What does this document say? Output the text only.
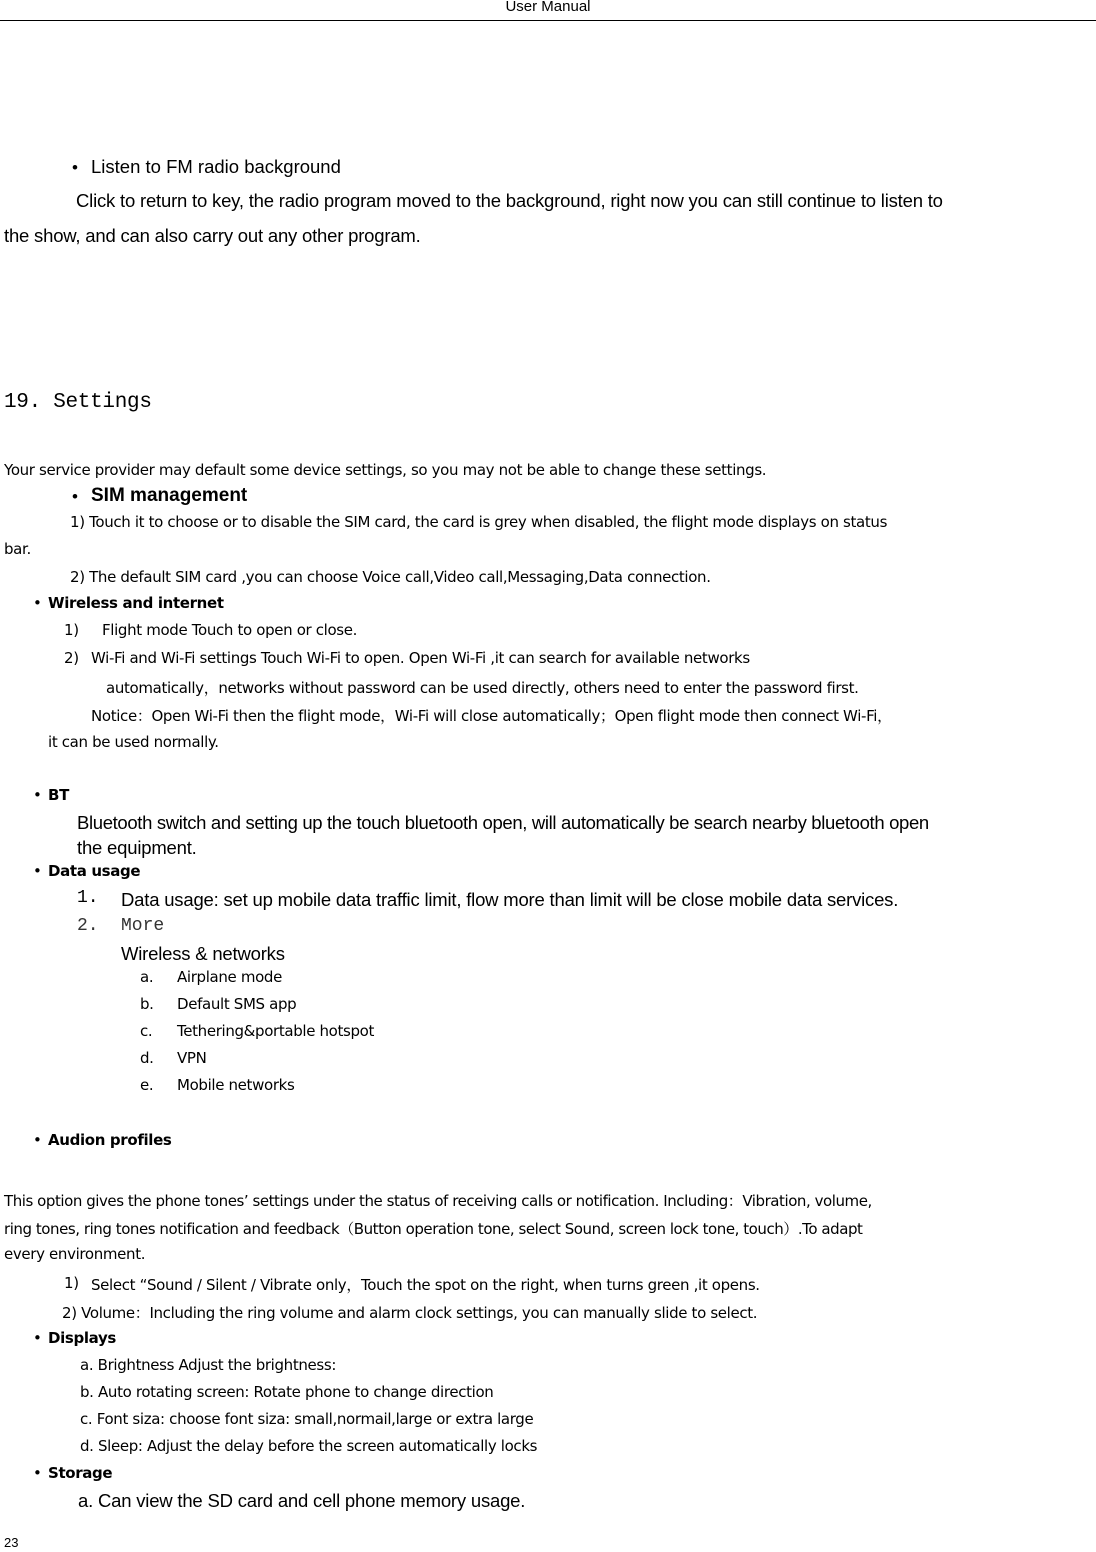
User Manual
• Listen to FM radio background
Click to return to key, the radio program moved to the background, right now you can still continue to listen to
the show, and can also carry out any other program.
19. Settings
Your service provider may default some device settings, so you may not be able to change these settings.
• SIM management
1) Touch it to choose or to disable the SIM card, the card is grey when disabled, the flight mode displays on status
bar.
2) The default SIM card ,you can choose Voice call,Video call,Messaging,Data connection.
• Wireless and internet
1) Flight mode Touch to open or close.
2) Wi-Fi and Wi-Fi settings Touch Wi-Fi to open. Open Wi-Fi ,it can search for available networks
automatically，networks without password can be used directly, others need to enter the password first.
Notice：Open Wi-Fi then the flight mode，Wi-Fi will close automatically；Open flight mode then connect Wi-Fi，
it can be used normally.
• BT
Bluetooth switch and setting up the touch bluetooth open, will automatically be search nearby bluetooth open
the equipment.
• Data usage
1. Data usage: set up mobile data traffic limit, flow more than limit will be close mobile data services.
2. More
Wireless & networks
a. Airplane mode
b. Default SMS app
c. Tethering&portable hotspot
d. VPN
e. Mobile networks
• Audion profiles
This option gives the phone tones’ settings under the status of receiving calls or notification. Including：Vibration, volume,
ring tones, ring tones notification and feedback（Button operation tone, select Sound, screen lock tone, touch）.To adapt
every environment.
1) Select “Sound / Silent / Vibrate only，Touch the spot on the right, when turns green ,it opens.
2) Volume：Including the ring volume and alarm clock settings, you can manually slide to select.
• Displays
a. Brightness Adjust the brightness:
b. Auto rotating screen: Rotate phone to change direction
c. Font siza: choose font siza: small,normail,large or extra large
d. Sleep: Adjust the delay before the screen automatically locks
• Storage
a. Can view the SD card and cell phone memory usage.
23
